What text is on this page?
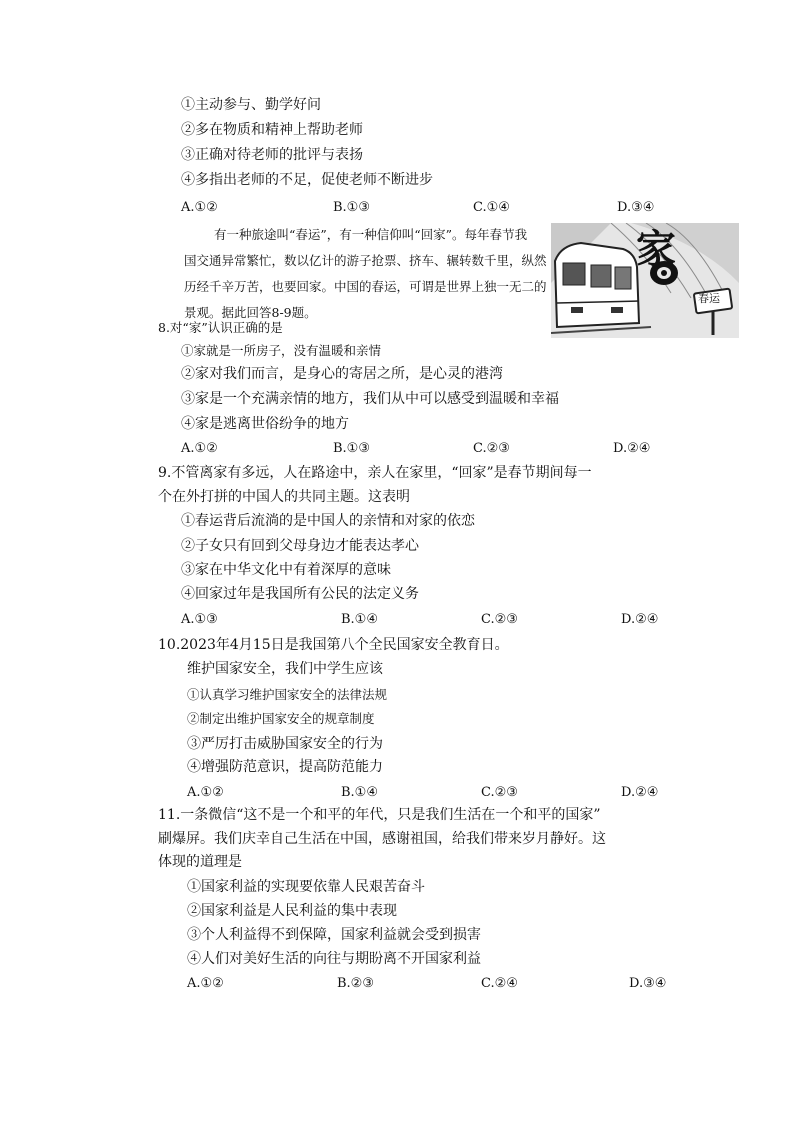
①主动参与、勤学好问
②多在物质和精神上帮助老师
③正确对待老师的批评与表扬
④多指出老师的不足，促使老师不断进步
A.①②	B.①③	C.①④	D.③④
有一种旅途叫“春运”，有一种信仰叫“回家”。每年春节我
国交通异常繁忙，数以亿计的游子抢票、挤车、辗转数千里，纵然
历经千辛万苦，也要回家。中国的春运，可谓是世界上独一无二的
景观。据此回答8-9题。
家
春运
8.对“家”认识正确的是
①家就是一所房子，没有温暖和亲情
②家对我们而言，是身心的寄居之所，是心灵的港湾
③家是一个充满亲情的地方，我们从中可以感受到温暖和幸福
④家是逃离世俗纷争的地方
A.①②	B.①③	C.②③	D.②④
9.不管离家有多远，人在路途中，亲人在家里，“回家”是春节期间每一
个在外打拼的中国人的共同主题。这表明
①春运背后流淌的是中国人的亲情和对家的依恋
②子女只有回到父母身边才能表达孝心
③家在中华文化中有着深厚的意味
④回家过年是我国所有公民的法定义务
A.①③	B.①④	C.②③	D.②④
10.2023年4月15日是我国第八个全民国家安全教育日。
维护国家安全，我们中学生应该
①认真学习维护国家安全的法律法规
②制定出维护国家安全的规章制度
③严厉打击威胁国家安全的行为
④增强防范意识，提高防范能力
A.①②	B.①④	C.②③	D.②④
11.一条微信“这不是一个和平的年代，只是我们生活在一个和平的国家”
刷爆屏。我们庆幸自己生活在中国，感谢祖国，给我们带来岁月静好。这
体现的道理是
①国家利益的实现要依靠人民艰苦奋斗
②国家利益是人民利益的集中表现
③个人利益得不到保障，国家利益就会受到损害
④人们对美好生活的向往与期盼离不开国家利益
A.①②	B.②③	C.②④	D.③④
